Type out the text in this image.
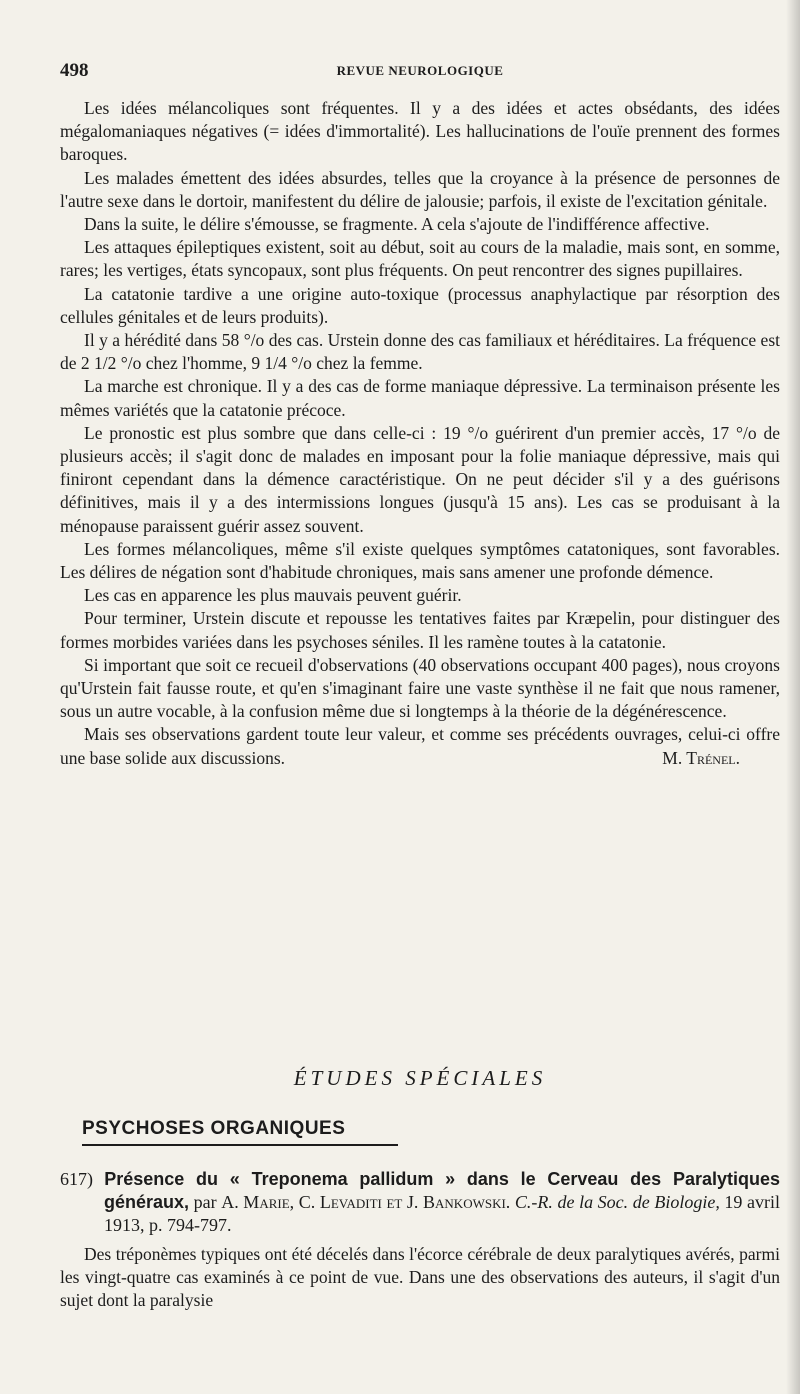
498	REVUE NEUROLOGIQUE

Les idées mélancoliques sont fréquentes. Il y a des idées et actes obsédants, des idées mégalomaniaques négatives (= idées d'immortalité). Les hallucinations de l'ouïe prennent des formes baroques.

Les malades émettent des idées absurdes, telles que la croyance à la présence de personnes de l'autre sexe dans le dortoir, manifestent du délire de jalousie; parfois, il existe de l'excitation génitale.

Dans la suite, le délire s'émousse, se fragmente. A cela s'ajoute de l'indifférence affective.

Les attaques épileptiques existent, soit au début, soit au cours de la maladie, mais sont, en somme, rares; les vertiges, états syncopaux, sont plus fréquents. On peut rencontrer des signes pupillaires.

La catatonie tardive a une origine auto-toxique (processus anaphylactique par résorption des cellules génitales et de leurs produits).

Il y a hérédité dans 58 °/o des cas. Urstein donne des cas familiaux et héréditaires. La fréquence est de 2 1/2 °/o chez l'homme, 9 1/4 °/o chez la femme.

La marche est chronique. Il y a des cas de forme maniaque dépressive. La terminaison présente les mêmes variétés que la catatonie précoce.

Le pronostic est plus sombre que dans celle-ci : 19 °/o guérirent d'un premier accès, 17 °/o de plusieurs accès; il s'agit donc de malades en imposant pour la folie maniaque dépressive, mais qui finiront cependant dans la démence caractéristique. On ne peut décider s'il y a des guérisons définitives, mais il y a des intermissions longues (jusqu'à 15 ans). Les cas se produisant à la ménopause paraissent guérir assez souvent.

Les formes mélancoliques, même s'il existe quelques symptômes catatoniques, sont favorables. Les délires de négation sont d'habitude chroniques, mais sans amener une profonde démence.

Les cas en apparence les plus mauvais peuvent guérir.

Pour terminer, Urstein discute et repousse les tentatives faites par Kræpelin, pour distinguer des formes morbides variées dans les psychoses séniles. Il les ramène toutes à la catatonie.

Si important que soit ce recueil d'observations (40 observations occupant 400 pages), nous croyons qu'Urstein fait fausse route, et qu'en s'imaginant faire une vaste synthèse il ne fait que nous ramener, sous un autre vocable, à la confusion même due si longtemps à la théorie de la dégénérescence.

Mais ses observations gardent toute leur valeur, et comme ses précédents ouvrages, celui-ci offre une base solide aux discussions.	M. Trénel.

ÉTUDES SPÉCIALES
PSYCHOSES ORGANIQUES

617) Présence du « Treponema pallidum » dans le Cerveau des Paralytiques généraux, par A. Marie, C. Levaditi et J. Bankowski. C.-R. de la Soc. de Biologie, 19 avril 1913, p. 794-797.

Des tréponèmes typiques ont été décelés dans l'écorce cérébrale de deux paralytiques avérés, parmi les vingt-quatre cas examinés à ce point de vue. Dans une des observations des auteurs, il s'agit d'un sujet dont la paralysie
